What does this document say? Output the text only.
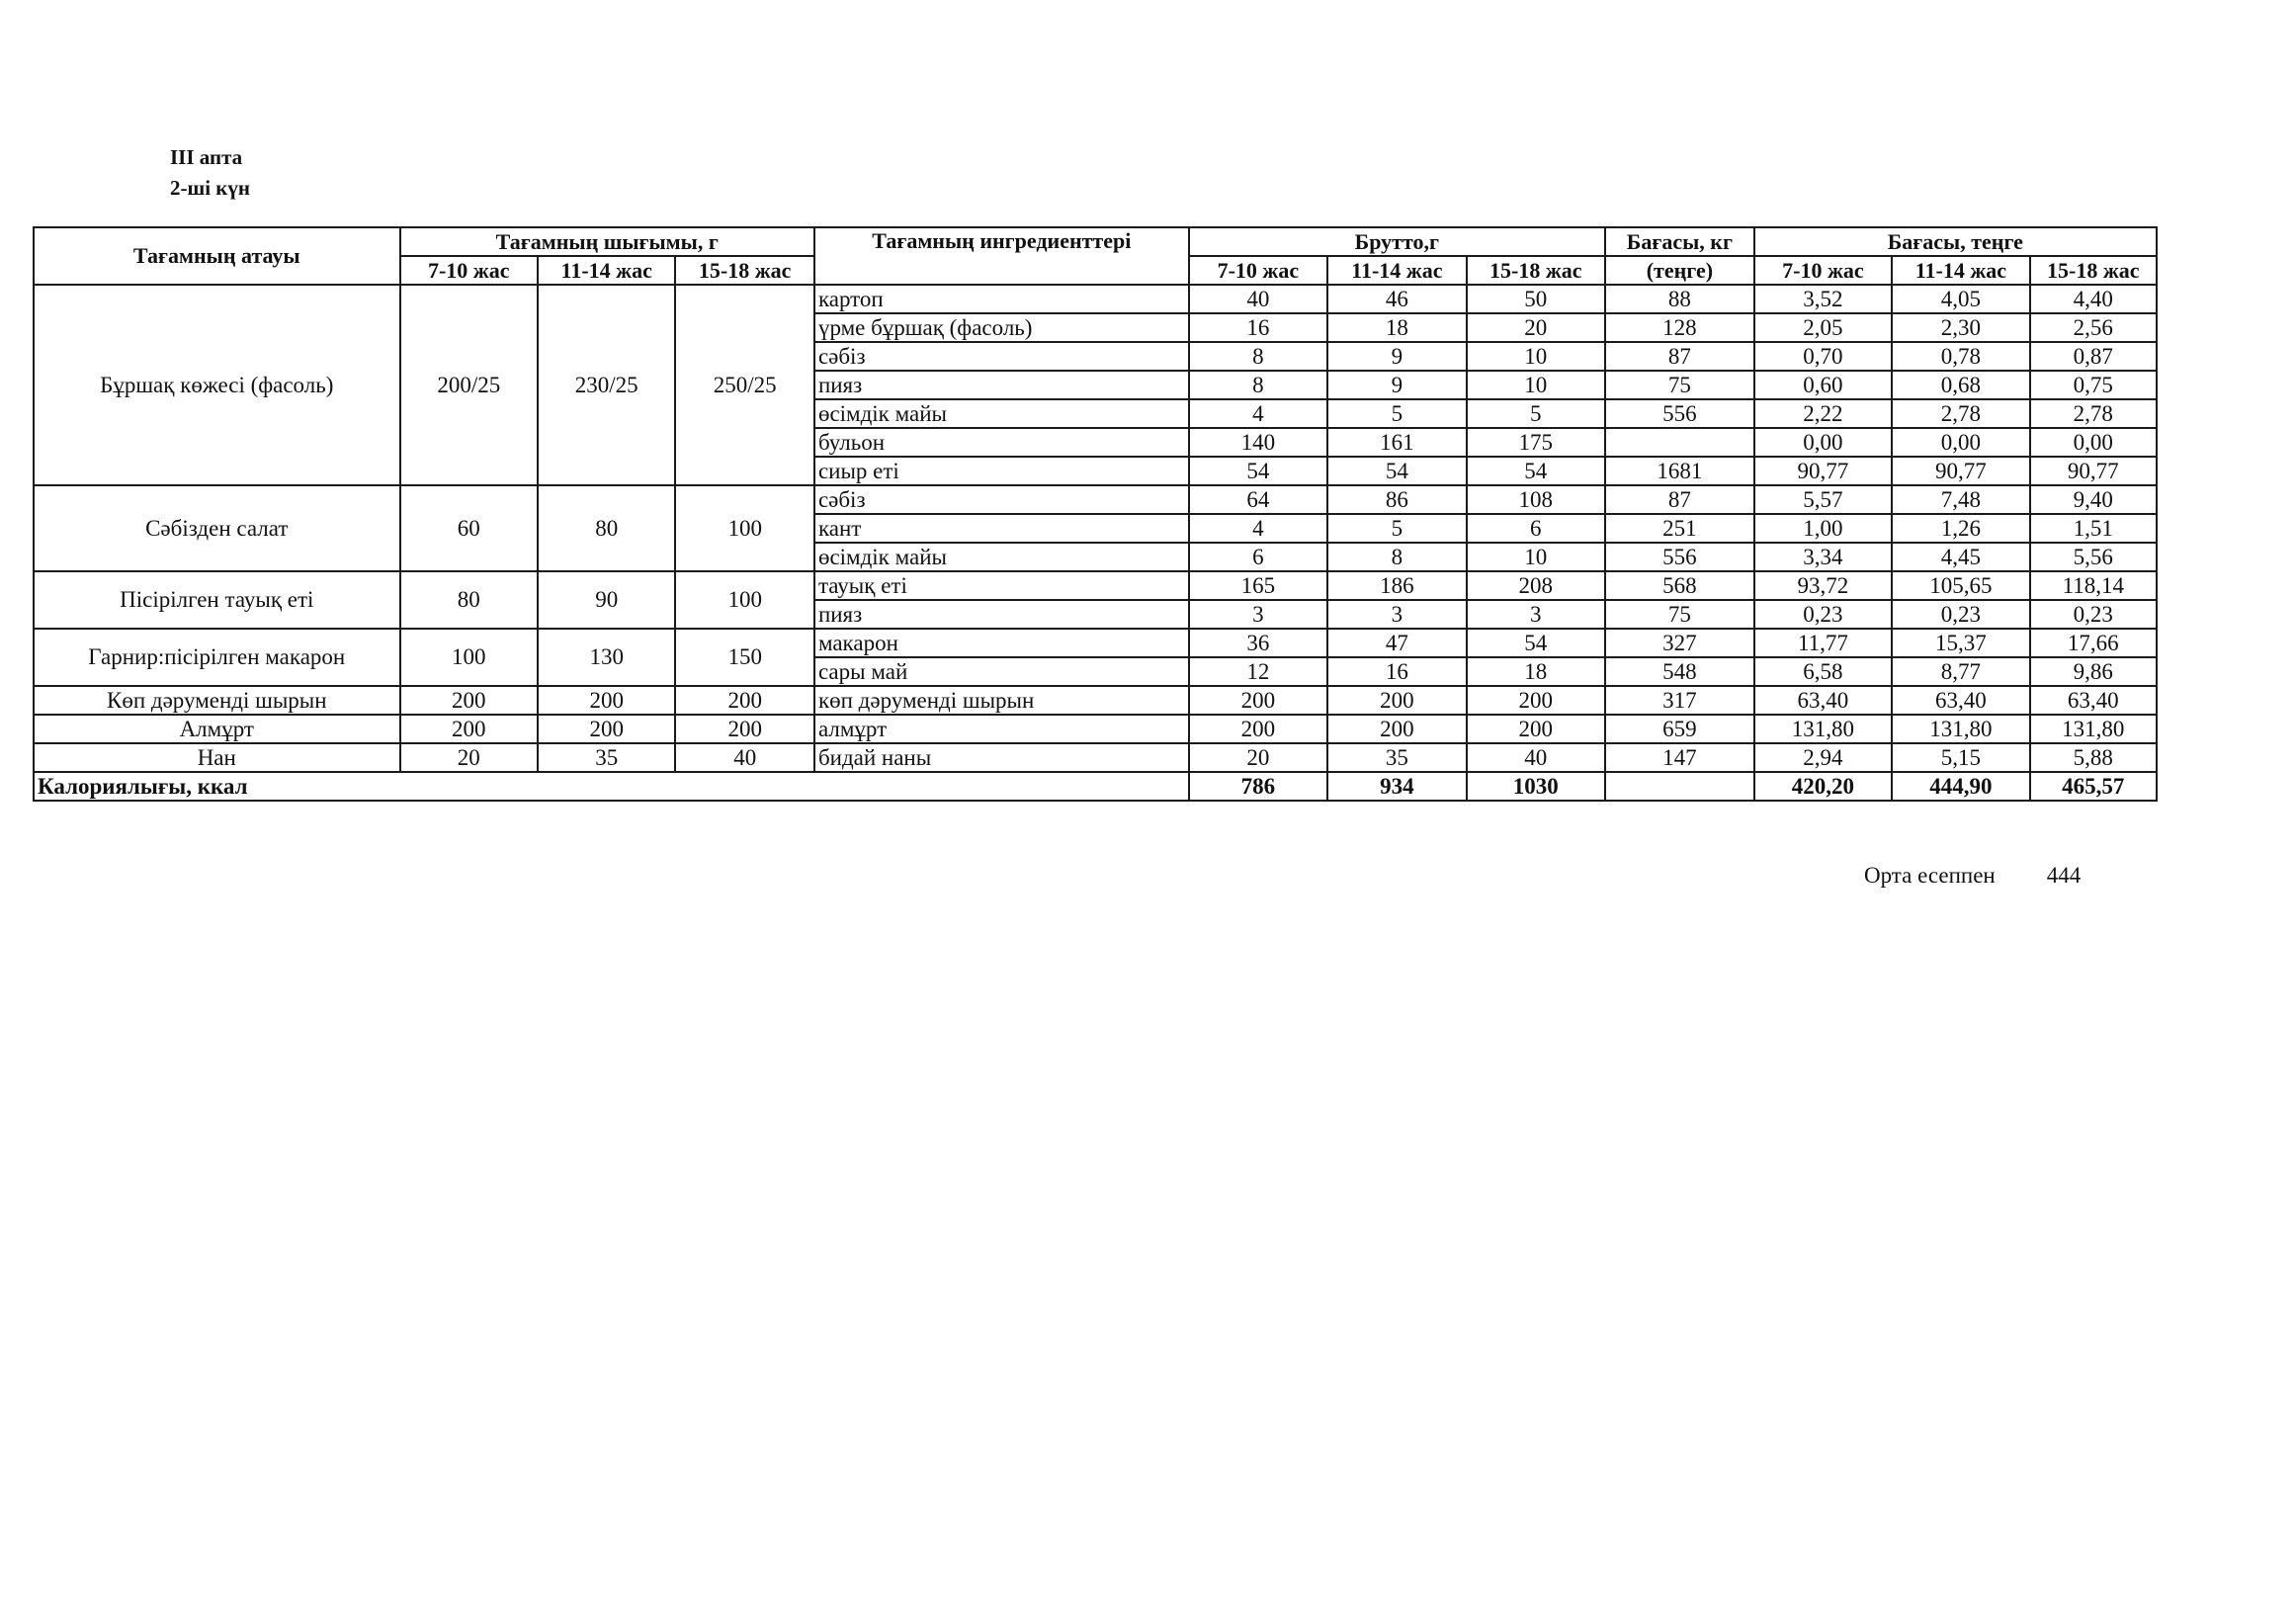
III апта
2-ші күн
Тағамның атауы	Тағамның шығымы, г			Тағамның ингредиенттері	Брутто,г			Бағасы, кг	Бағасы, теңге		
	7-10 жас	11-14 жас	15-18 жас		7-10 жас	11-14 жас	15-18 жас	(теңге)	7-10 жас	11-14 жас	15-18 жас
Бұршақ көжесі (фасоль)	200/25	230/25	250/25	картоп	40	46	50	88	3,52	4,05	4,40
				үрме бұршақ (фасоль)	16	18	20	128	2,05	2,30	2,56
				сәбіз	8	9	10	87	0,70	0,78	0,87
				пияз	8	9	10	75	0,60	0,68	0,75
				өсімдік майы	4	5	5	556	2,22	2,78	2,78
				бульон	140	161	175		0,00	0,00	0,00
				сиыр еті	54	54	54	1681	90,77	90,77	90,77
Сәбізден салат	60	80	100	сәбіз	64	86	108	87	5,57	7,48	9,40
				кант	4	5	6	251	1,00	1,26	1,51
				өсімдік майы	6	8	10	556	3,34	4,45	5,56
Пісірілген тауық еті	80	90	100	тауық еті	165	186	208	568	93,72	105,65	118,14
				пияз	3	3	3	75	0,23	0,23	0,23
Гарнир:пісірілген макарон	100	130	150	макарон	36	47	54	327	11,77	15,37	17,66
				сары май	12	16	18	548	6,58	8,77	9,86
Көп дәруменді шырын	200	200	200	көп дәруменді шырын	200	200	200	317	63,40	63,40	63,40
Алмұрт	200	200	200	алмұрт	200	200	200	659	131,80	131,80	131,80
Нан	20	35	40	бидай наны	20	35	40	147	2,94	5,15	5,88
Калориялығы, ккал					786	934	1030		420,20	444,90	465,57
Орта есеппен 444
